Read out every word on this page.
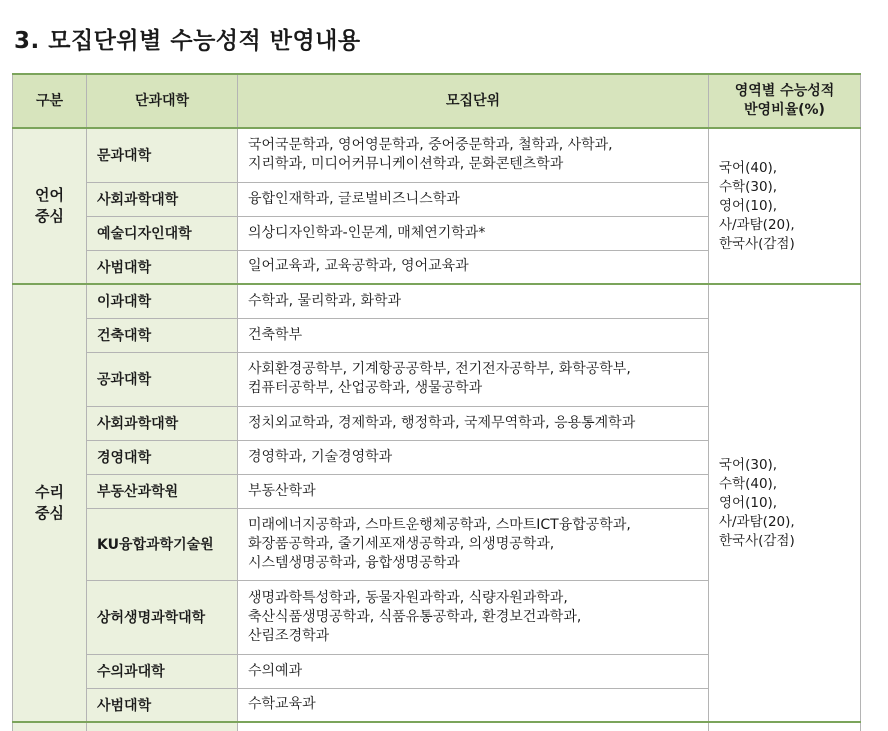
3. 모집단위별 수능성적 반영내용
구분	단과대학	모집단위	영역별 수능성적
반영비율(%)
언어
중심	문과대학	국어국문학과, 영어영문학과, 중어중문학과, 철학과, 사학과,
지리학과, 미디어커뮤니케이션학과, 문화콘텐츠학과	국어(40),
수학(30),
영어(10),
사/과탐(20),
한국사(감점)
	사회과학대학	융합인재학과, 글로벌비즈니스학과	
	예술디자인대학	의상디자인학과-인문계, 매체연기학과*	
	사범대학	일어교육과, 교육공학과, 영어교육과	
수리
중심	이과대학	수학과, 물리학과, 화학과	국어(30),
수학(40),
영어(10),
사/과탐(20),
한국사(감점)
	건축대학	건축학부	
	공과대학	사회환경공학부, 기계항공공학부, 전기전자공학부, 화학공학부,
컴퓨터공학부, 산업공학과, 생물공학과	
	사회과학대학	정치외교학과, 경제학과, 행정학과, 국제무역학과, 응용통계학과	
	경영대학	경영학과, 기술경영학과	
	부동산과학원	부동산학과	
	KU융합과학기술원	미래에너지공학과, 스마트운행체공학과, 스마트ICT융합공학과,
화장품공학과, 줄기세포재생공학과, 의생명공학과,
시스템생명공학과, 융합생명공학과	
	상허생명과학대학	생명과학특성학과, 동물자원과학과, 식량자원과학과,
축산식품생명공학과, 식품유통공학과, 환경보건과학과,
산림조경학과	
	수의과대학	수의예과	
	사범대학	수학교육과	
